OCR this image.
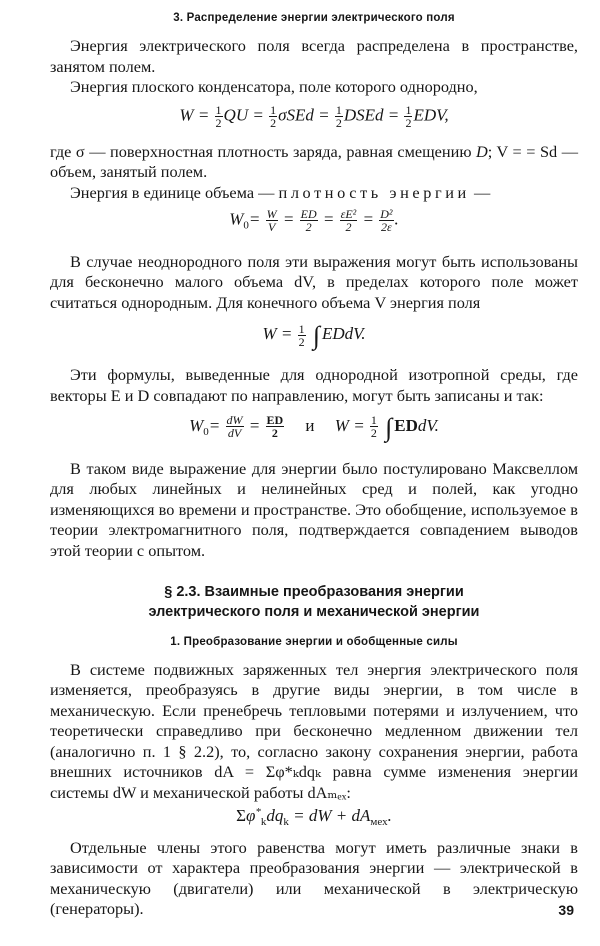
3. Распределение энергии электрического поля

Энергия электрического поля всегда распределена в пространстве, занятом полем.

Энергия плоского конденсатора, поле которого однородно,

$W = \frac{1}{2}$ QU = $\frac{1}{2}$ $\sigma SEd = \frac{1}{2}$ DSEd = $\frac{1}{2}$ EDV,

где σ — поверхностная плотность заряда, равная смещению D; V = = Sd — объем, занятый полем.

Энергия в единице объема — плотность энергии —

$W_0= \frac{W}{V} = \frac{ED}{2} = \frac{\text{εE²}}{2} = \frac{\text{D²}}{2\varepsilon}$ .

В случае неоднородного поля эти выражения могут быть использованы для бесконечно малого объема dV, в пределах которого поле может считаться однородным. Для конечного объема V энергия поля

$W = \frac{1}{2}$ ∫ EDdV.

Эти формулы, выведенные для однородной изотропной среды, где векторы E и D совпадают по направлению, могут быть записаны и так:

$W_0= \frac{dW}{dV} = \frac{ED}{2}$ и $W = \frac{1}{2}$ ∫ EDdV.

В таком виде выражение для энергии было постулировано Максвеллом для любых линейных и нелинейных сред и полей, как угодно изменяющихся во времени и пространстве. Это обобщение, используемое в теории электромагнитного поля, подтверждается совпадением выводов этой теории с опытом.

§ 2.3. Взаимные преобразования энергии

электрического поля и механической энергии

1. Преобразование энергии и обобщенные силы

В системе подвижных заряженных тел энергия электрического поля изменяется, преобразуясь в другие виды энергии, в том числе в механическую. Если пренебречь тепловыми потерями и излучением, что теоретически справедливо при бесконечно медленном движении тел (аналогично п. 1 § 2.2), то, согласно закону сохранения энергии, работа внешних источников dA = Σφ*ₖdqₖ равна сумме изменения энергии системы dW и механической работы dAₘₑₓ:

$\Sigma\varphi^*_kdq_k$ = dW + $dA_{мех}$.

Отдельные члены этого равенства могут иметь различные знаки в зависимости от характера преобразования энергии — электрической в механическую (двигатели) или механической в электрическую (генераторы).	39
